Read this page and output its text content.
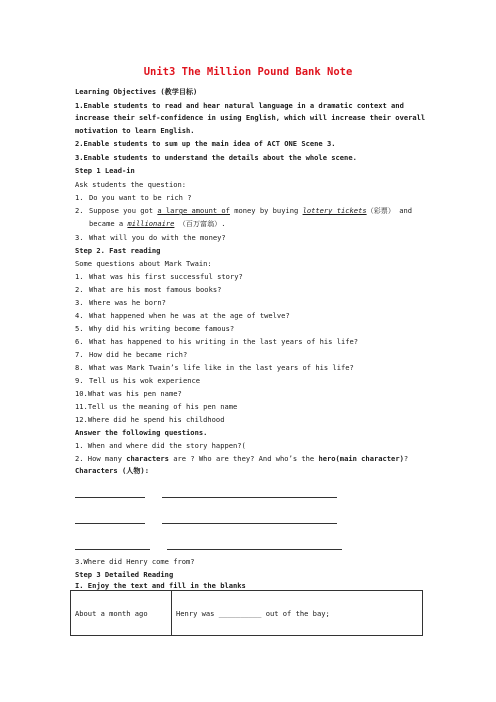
Unit3 The Million Pound Bank Note
Learning Objectives (教学目标)
1.Enable students to read and hear natural language in a dramatic context and
increase their self-confidence in using English, which will increase their overall
motivation to learn English.
2.Enable students to sum up the main idea of ACT ONE Scene 3.
3.Enable students to understand the details about the whole scene.
Step 1 Lead-in
Ask students the question:
1. Do you want to be rich ?
2. Suppose you got a large amount of money by buying lottery tickets（彩票） and
became a millionaire （百万富翁）.
3. What will you do with the money?
Step 2. Fast reading
Some questions about Mark Twain:
1. What was his first successful story?
2. What are his most famous books?
3. Where was he born?
4. What happened when he was at the age of twelve?
5. Why did his writing become famous?
6. What has happened to his writing in the last years of his life?
7. How did he became rich?
8. What was Mark Twain’s life like in the last years of his life?
9. Tell us his wok experience
10.What was his pen name?
11.Tell us the meaning of his pen name
12.Where did he spend his childhood
Answer the following questions.
1. When and where did the story happen?(
2. How many characters are ? Who are they? And who’s the hero(main character)?
Characters (人物):
3.Where did Henry come from?
Step 3 Detailed Reading
I. Enjoy the text and fill in the blanks
About a month ago	Henry was __________ out of the bay;
